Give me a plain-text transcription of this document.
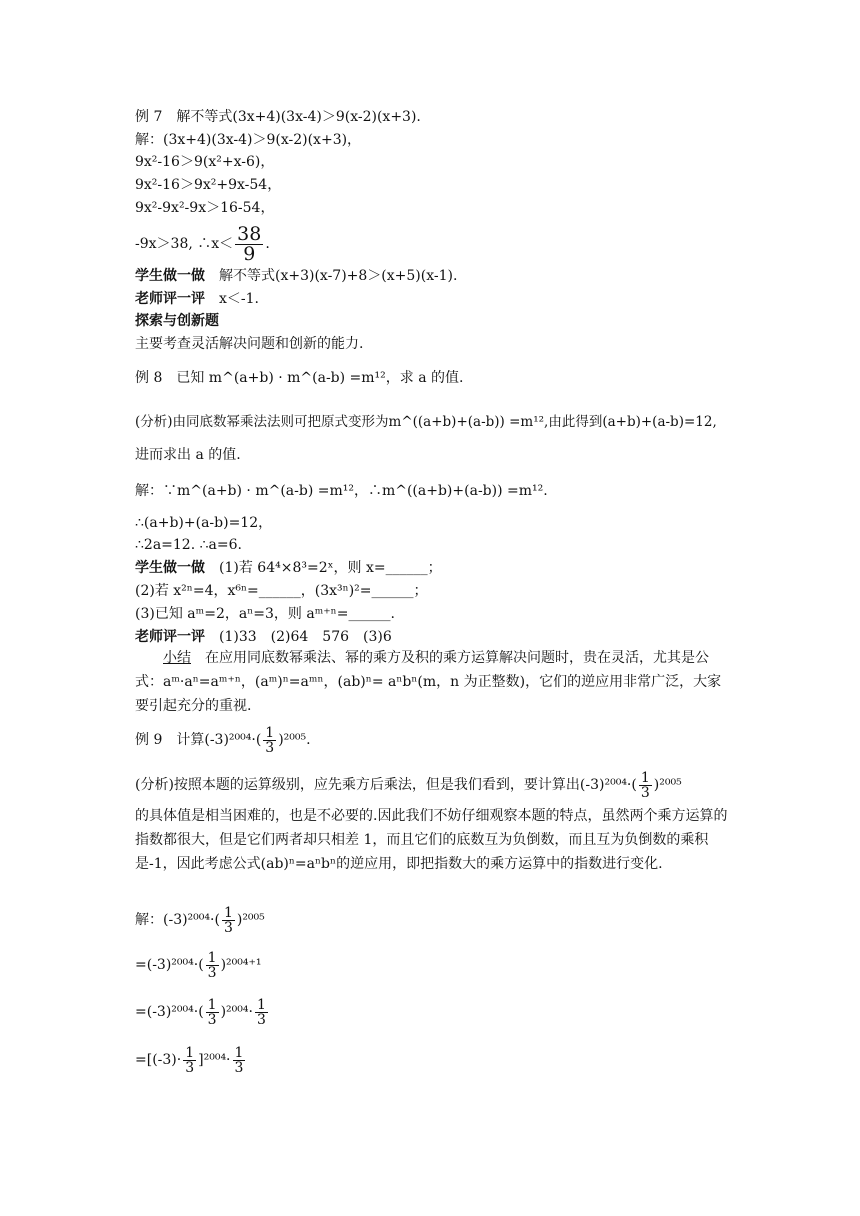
例 7　解不等式(3x+4)(3x-4)＞9(x-2)(x+3).
解：(3x+4)(3x-4)＞9(x-2)(x+3)，
9x²-16＞9(x²+x-6)，
9x²-16＞9x²+9x-54，
9x²-9x²-9x＞16-54，
-9x＞38, ∴x＜ $\frac{38}{9}$ .
学生做一做　解不等式(x+3)(x-7)+8＞(x+5)(x-1).
老师评一评　x＜-1.
探索与创新题
主要考查灵活解决问题和创新的能力.
例 8　已知 m^(a+b) · m^(a-b) =m¹²，求 a 的值.
(分析)由同底数幂乘法法则可把原式变形为m^((a+b)+(a-b)) =m¹²,由此得到(a+b)+(a-b)=12,
进而求出 a 的值.
解：∵m^(a+b) · m^(a-b) =m¹²，∴m^((a+b)+(a-b)) =m¹².
∴(a+b)+(a-b)=12，
∴2a=12. ∴a=6.
学生做一做　(1)若 64⁴×8³=2ˣ，则 x=______；
(2)若 x²ⁿ=4，x⁶ⁿ=______，(3x³ⁿ)²=______；
(3)已知 aᵐ=2，aⁿ=3，则 aᵐ⁺ⁿ=______.
老师评一评　(1)33　(2)64　576　(3)6
小结　在应用同底数幂乘法、幂的乘方及积的乘方运算解决问题时，贵在灵活，尤其是公式：aᵐ·aⁿ=aᵐ⁺ⁿ，(aᵐ)ⁿ=aᵐⁿ，(ab)ⁿ= aⁿbⁿ(m，n 为正整数)，它们的逆应用非常广泛，大家要引起充分的重视.
例 9　计算$(-3)^{2004}\cdot( \frac{1}{3} )^{2005}$.
(分析)按照本题的运算级别，应先乘方后乘法，但是我们看到，要计算出$(-3)^{2004}\cdot( \frac{1}{3} )^{2005}$
的具体值是相当困难的，也是不必要的.因此我们不妨仔细观察本题的特点，虽然两个乘方运算的指数都很大，但是它们两者却只相差 1，而且它们的底数互为负倒数，而且互为负倒数的乘积是-1，因此考虑公式(ab)ⁿ=aⁿbⁿ的逆应用，即把指数大的乘方运算中的指数进行变化.
解：$(-3)^{2004}\cdot( \frac{1}{3} )^{2005}$
$=(-3)^{2004}\cdot( \frac{1}{3} )^{2004+1}$
$=(-3)^{2004}\cdot( \frac{1}{3} )^{2004}\cdot \frac{1}{3}$
$=[(-3)\cdot \frac{1}{3} ]^{2004}\cdot \frac{1}{3}$
